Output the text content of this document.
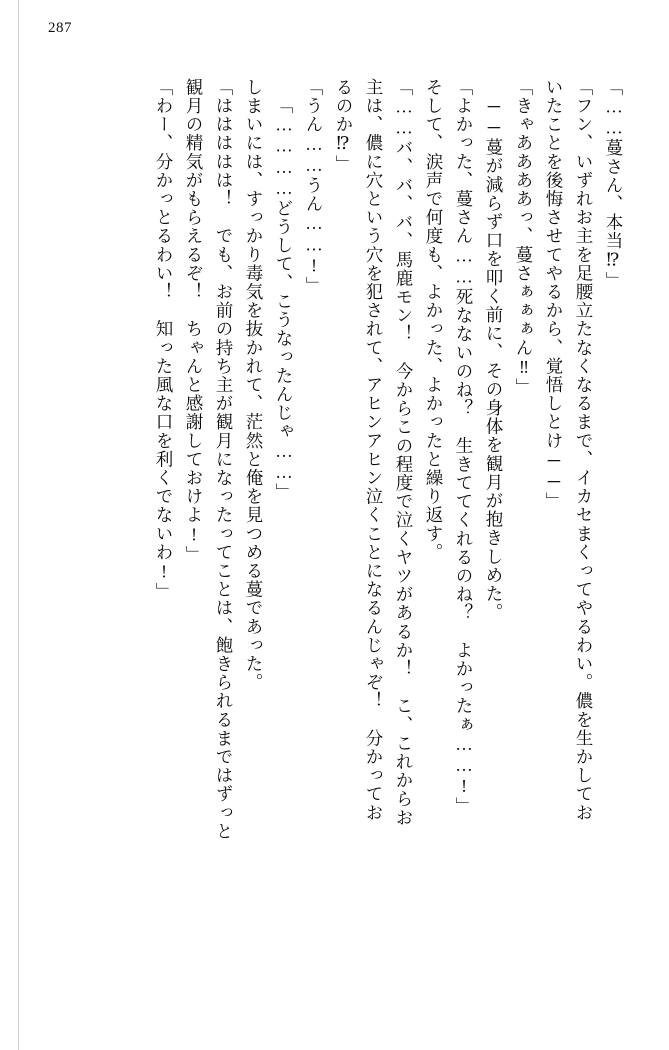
287
「……蔓さん、本当⁉」
「フン、いずれお主を足腰立たなくなるまで、イカセまくってやるわい。儂を生かしてお
いたことを後悔させてやるから、覚悟しとけ──」
「きゃああああっ、蔓さぁぁぁん‼」
──蔓が減らず口を叩く前に、その身体を観月が抱きしめた。
「よかった、蔓さん……死なないのね？　生きててくれるのね？　よかったぁ……!」
そして、涙声で何度も、よかった、よかったと繰り返す。
「……バ、バ、バ、馬鹿モン！　今からこの程度で泣くヤツがあるか！　こ、これからお
主は、儂に穴という穴を犯されて、アヒンアヒン泣くことになるんじゃぞ！　分かってお
るのか⁉」
「うん……うん……!」
「…………どうして、こうなったんじゃ……」
しまいには、すっかり毒気を抜かれて、茫然と俺を見つめる蔓であった。
「ははははは！　でも、お前の持ち主が観月になったってことは、飽きられるまではずっと
観月の精気がもらえるぞ！　ちゃんと感謝しておけよ!」
「わー、分かっとるわい！　知った風な口を利くでないわ!」
